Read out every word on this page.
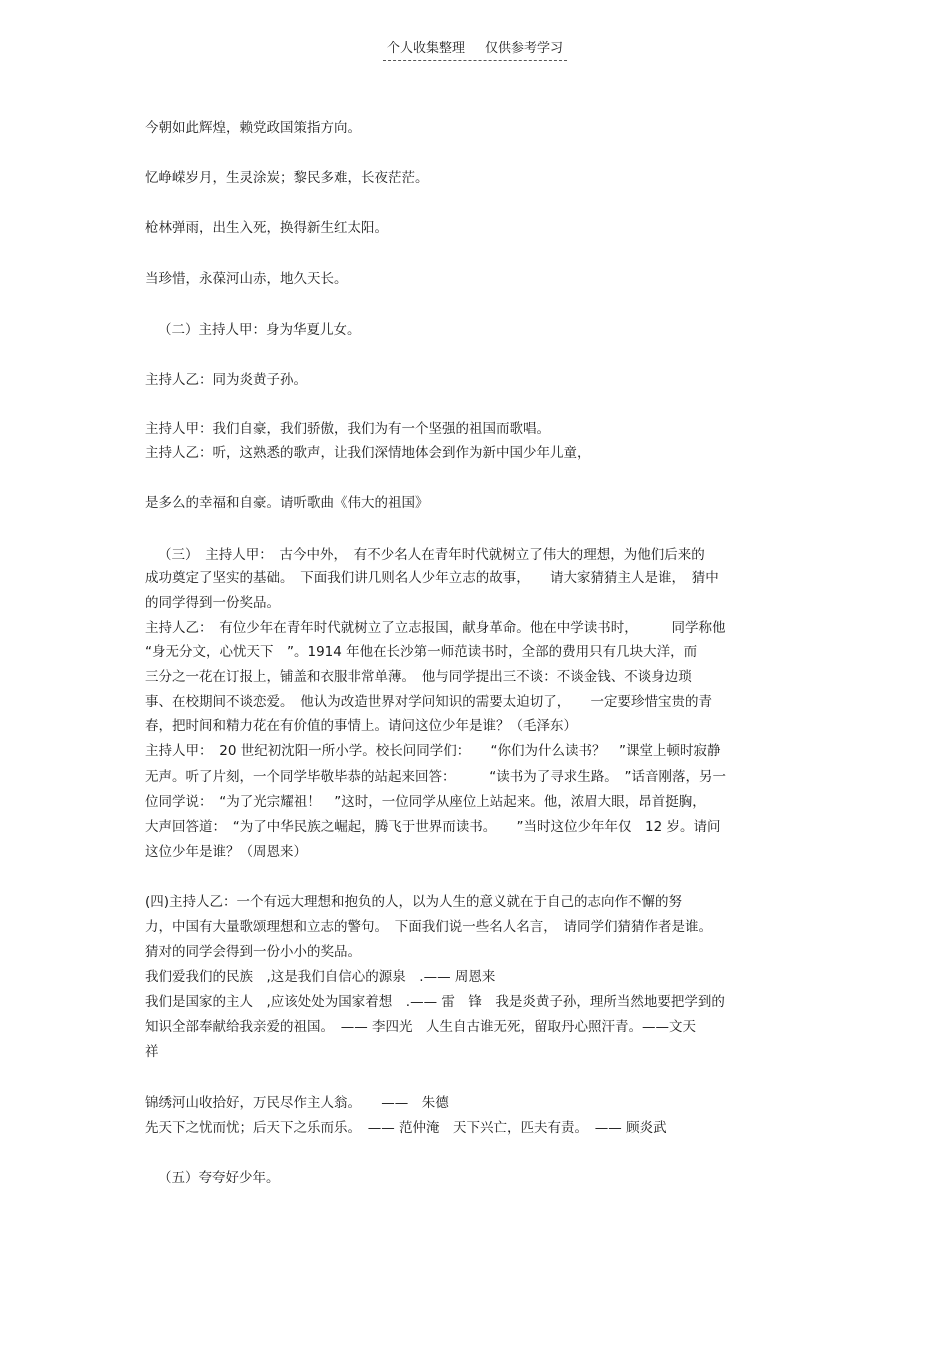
个人收集整理 仅供参考学习
今朝如此辉煌，赖党政国策指方向。
忆峥嵘岁月，生灵涂炭；黎民多难，长夜茫茫。
枪林弹雨，出生入死，换得新生红太阳。
当珍惜，永葆河山赤，地久天长。
（二）主持人甲：身为华夏儿女。
主持人乙：同为炎黄子孙。
主持人甲：我们自豪，我们骄傲，我们为有一个坚强的祖国而歌唱。
主持人乙：听，这熟悉的歌声，让我们深情地体会到作为新中国少年儿童，
是多么的幸福和自豪。请听歌曲《伟大的祖国》
（三）　主持人甲：　古今中外，　有不少名人在青年时代就树立了伟大的理想，为他们后来的
成功奠定了坚实的基础。　下面我们讲几则名人少年立志的故事，　　请大家猜猜主人是谁，　猜中
的同学得到一份奖品。
主持人乙：　有位少年在青年时代就树立了立志报国，献身革命。他在中学读书时，　　　同学称他
“身无分文，心忧天下　”。1914 年他在长沙第一师范读书时，全部的费用只有几块大洋，而
三分之一花在订报上，铺盖和衣服非常单薄。　他与同学提出三不谈：不谈金钱、不谈身边琐
事、在校期间不谈恋爱。　他认为改造世界对学问知识的需要太迫切了，　　一定要珍惜宝贵的青
春，把时间和精力花在有价值的事情上。请问这位少年是谁？（毛泽东）
主持人甲：　20 世纪初沈阳一所小学。校长问同学们：　　“你们为什么读书？　”课堂上顿时寂静
无声。听了片刻，一个同学毕敬毕恭的站起来回答：　　　“读书为了寻求生路。　”话音刚落，另一
位同学说：　“为了光宗耀祖！　”这时，一位同学从座位上站起来。他，浓眉大眼，昂首挺胸，
大声回答道：　“为了中华民族之崛起，腾飞于世界而读书。　　”当时这位少年年仅　12 岁。请问
这位少年是谁？（周恩来）
(四)主持人乙：一个有远大理想和抱负的人，以为人生的意义就在于自己的志向作不懈的努
力，中国有大量歌颂理想和立志的警句。　下面我们说一些名人名言，　请同学们猜猜作者是谁。
猜对的同学会得到一份小小的奖品。
我们爱我们的民族　,这是我们自信心的源泉　.—— 周恩来
我们是国家的主人　,应该处处为国家着想　.—— 雷　锋　我是炎黄子孙，理所当然地要把学到的
知识全部奉献给我亲爱的祖国。　—— 李四光　人生自古谁无死，留取丹心照汗青。——文天
祥
锦绣河山收拾好，万民尽作主人翁。　　——　朱德
先天下之忧而忧；后天下之乐而乐。　—— 范仲淹　天下兴亡，匹夫有责。　—— 顾炎武
（五）夸夸好少年。
